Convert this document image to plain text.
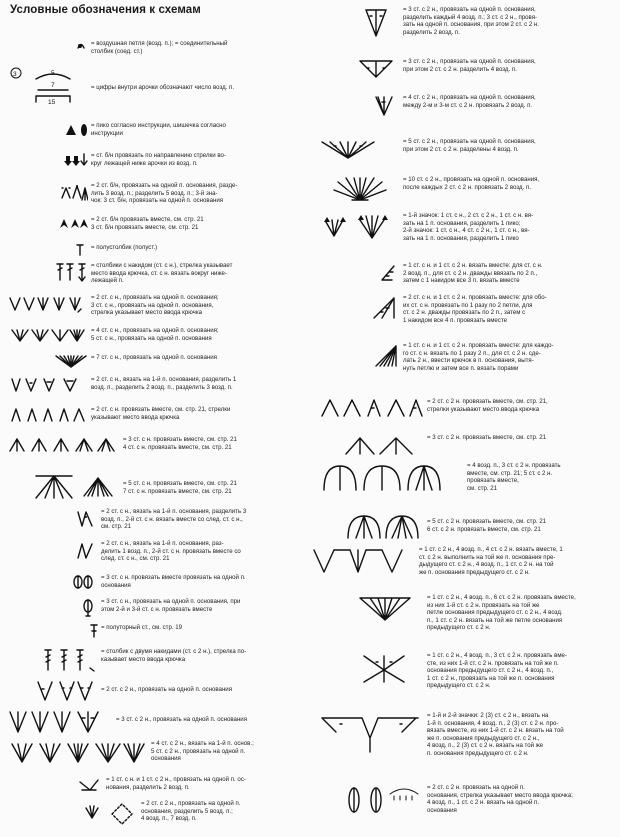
Условные обозначения к схемам
= воздушная петля (возд. п.); = соединительный
столбик (соед. ст.)
3	5
7
15
= цифры внутри арочки обозначают число возд. п.
= пико согласно инструкции, шишечка согласно
инструкции
= ст. б/н провязать по направлению стрелки во-
круг лежащей ниже арочки из возд. п.
= 2 ст. б/н, провязать на одной п. основания, разде-
лить 3 возд. п.; разделить 5 возд. п.; 3-й зна-
чок: 3 ст. б/н, провязать на одной п. основания
= 2 ст. б/н провязать вместе, см. стр. 21
3 ст. б/н провязать вместе, см. стр. 21
= полустолбик (полуст.)
= столбики с накидом (ст. с н.), стрелка указывает
место ввода крючка, ст. с н. вязать вокруг ниже-
лежащей п.
= 2 ст. с н., провязать на одной п. основания;
3 ст. с н., провязать на одной п. основания,
стрелка указывает место ввода крючка
= 4 ст. с н., провязать на одной п. основания;
5 ст. с н., провязать на одной п. основания
= 7 ст. с н., провязать на одной п. основания
= 2 ст. с н., вязать на 1-й п. основания, разделить 1
возд. п., разделить 2 возд. п., разделить 3 возд. п.
= 2 ст. с н. провязать вместе, см. стр. 21, стрелки
указывают место ввода крючка
= 3 ст. с н. провязать вместе, см. стр. 21
4 ст. с н. провязать вместе, см. стр. 21
= 5 ст. с н. провязать вместе, см. стр. 21
7 ст. с н. провязать вместе, см. стр. 21
= 2 ст. с н., вязать на 1-й п. основания, разделить 3
возд. п., 2-й ст. с н. вязать вместе со след. ст. с н.,
см. стр. 21
= 2 ст. с н., вязать на 1-й п. основания, раз-
делить 1 возд. п., 2-й ст. с н. провязать вместе со
след. ст. с н., см. стр. 21
= 3 ст. с н. провязать вместе провязать на одной п.
основания
= 3 ст. с н., провязать на одной п. основания, при
этом 2-й и 3-й ст. с н. провязать вместе
= полуторный ст., см. стр. 19
= столбик с двумя накидами (ст. с 2 н.), стрелка по-
казывает место ввода крючка
= 2 ст. с 2 н., провязать на одной п. основания
= 3 ст. с 2 н., провязать на одной п. основания
= 4 ст. с 2 н., вязать на 1-й п. основ.;
5 ст. с 2 н., провязать на одной п.
основания
= 1 ст. с н. и 1 ст. с 2 н., провязать на одной п. ос-
нования, разделить 2 возд. п.
= 2 ст. с 2 н., провязать на одной п.
основания, разделить 5 возд. п.;
4 возд. п., 7 возд. п.
= 3 ст. с 2 н., провязать на одной п. основания,
разделить каждый 4 возд. п.; 3 ст. с 2 н., провя-
зать на одной п. основания, при этом 2 ст. с 2 н.
разделить 2 возд. п.
= 3 ст. с 2 н., провязать на одной п. основания,
при этом 2 ст. с 2 н. разделить 4 возд. п.
= 4 ст. с 2 н., провязать на одной п. основания,
между 2-м и 3-м ст. с 2 н. провязать 2 возд. п.
= 5 ст. с 2 н., провязать на одной п. основания,
при этом 2 ст. с 2 н. разделены 4 возд. п.
= 10 ст. с 2 н., провязать на одной п. основания,
после каждых 2 ст. с 2 н. провязать 2 возд. п.
= 1-й значок: 1 ст. с н., 2 ст. с 2 н., 1 ст. с н. вя-
зать на 1 п. основания, разделить 1 пико;
2-й значок: 1 ст. с н., 4 ст. с 2 н., 1 ст. с н., вя-
зать на 1 п. основания, разделить 1 пико
= 1 ст. с н. и 1 ст. с 2 н. вязать вместе: для ст. с н.
2 возд. п., для ст. с 2 н. дважды ввязать по 2 п.,
затем с 1 накидом все 3 п. вязать вместе
= 2 ст. с н. и 1 ст. с 2 н. провязать вместе: для обо-
их ст. с н. провязать по 1 разу по 2 петли, для
ст. с 2 н. дважды провязать по 2 п., затем с
1 накидом все 4 п. провязать вместе
= 1 ст. с н. и 1 ст. с 2 н. провязать вместе: для каждо-
го ст. с н. вязать по 1 разу 2 п., для ст. с 2 н. сде-
лать 2 н., ввести крючок в п. основания, вытя-
нуть петлю и затем все п. вязать порами
= 2 ст. с 2 н. провязать вместе, см. стр. 21,
стрелки указывают место ввода крючка
= 3 ст. с 2 н. провязать вместе, см. стр. 21
= 4 возд. п., 3 ст. с 2 н. провязать
вместе, см. стр. 21; 5 ст. с 2 н.
провязать вместе,
см. стр. 21
= 5 ст. с 2 н. провязать вместе, см. стр. 21
6 ст. с 2 н. провязать вместе, см. стр. 21
= 1 ст. с 2 н., 4 возд. п., 4 ст. с 2 н. вязать вместе, 1
ст. с 2 н. выполнить на той же п. основания пре-
дыдущего ст. с 2 н., 4 возд. п., 1 ст. с 2 н. на той
же п. основания предыдущего ст. с 2 н.
= 1 ст. с 2 н., 4 возд. п., 6 ст. с 2 н. провязать вместе,
из них 1-й ст. с 2 н. провязать на той же
петле основания предыдущего ст. с 2 н., 4 возд.
п., 1 ст. с 2 н. вязать на той же петле основания
предыдущего ст. с 2 н.
= 1 ст. с 2 н., 4 возд. п., 3 ст. с 2 н. провязать вме-
сте, из них 1-й ст. с 2 н. провязать на той же п.
основания предыдущего ст. с 2 н., 4 возд. п.,
1 ст. с 2 н., провязать на той же п. основания
предыдущего ст. с 2 н.
= 1-й и 2-й значки: 2 (3) ст. с 2 н., вязать на
1-й п. основания, 4 возд. п., 2 (3) ст. с 2 н. про-
вязать вместе, из них 1-й ст. с 2 н. вязать на той
же п. основания предыдущего ст. с 2 н.,
4 возд. п., 2 (3) ст. с 2 н. вязать на той же
п. основания предыдущего ст. с 2 н.
= 2 ст. с 2 н. провязать на одной п.
основания, стрелка указывает место ввода крючка;
4 возд. п., 1 ст. с 2 н. вязать на одной п.
основания
